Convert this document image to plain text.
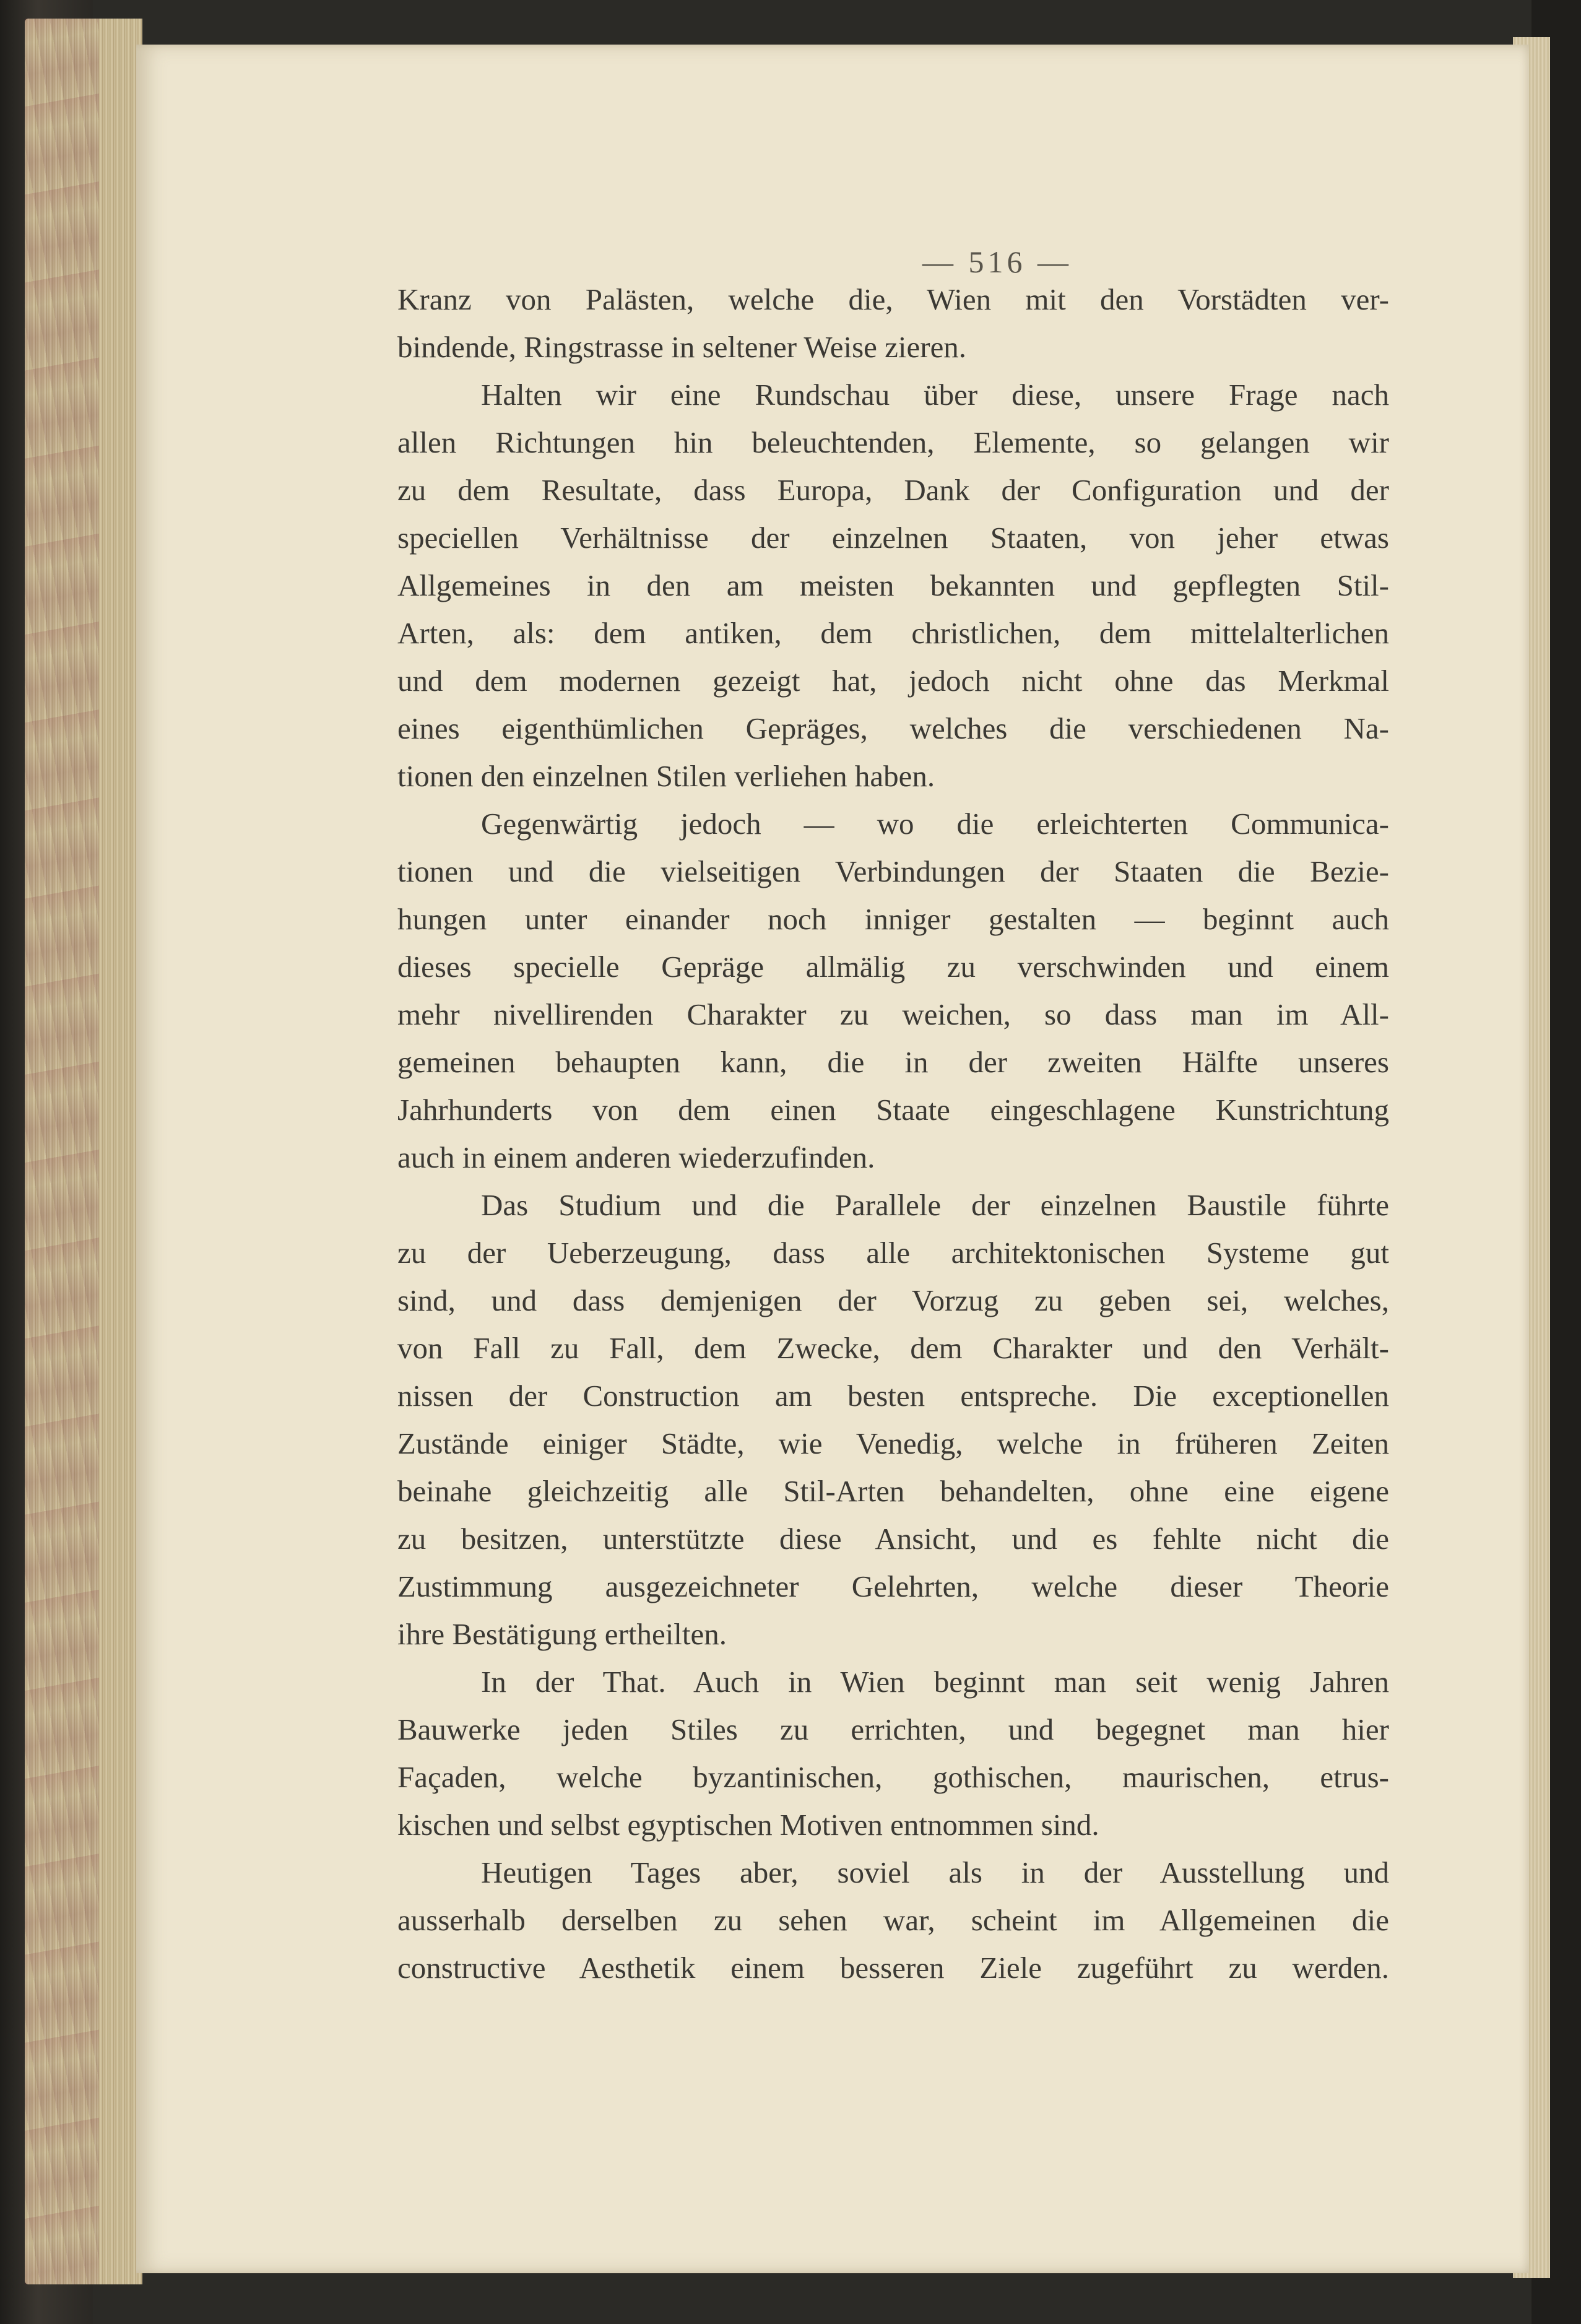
— 516 —

Kranz von Palästen, welche die, Wien mit den Vorstädten ver-
bindende, Ringstrasse in seltener Weise zieren.

Halten wir eine Rundschau über diese, unsere Frage nach
allen Richtungen hin beleuchtenden, Elemente, so gelangen wir
zu dem Resultate, dass Europa, Dank der Configuration und der
speciellen Verhältnisse der einzelnen Staaten, von jeher etwas
Allgemeines in den am meisten bekannten und gepflegten Stil-
Arten, als: dem antiken, dem christlichen, dem mittelalterlichen
und dem modernen gezeigt hat, jedoch nicht ohne das Merkmal
eines eigenthümlichen Gepräges, welches die verschiedenen Na-
tionen den einzelnen Stilen verliehen haben.

Gegenwärtig jedoch — wo die erleichterten Communica-
tionen und die vielseitigen Verbindungen der Staaten die Bezie-
hungen unter einander noch inniger gestalten — beginnt auch
dieses specielle Gepräge allmälig zu verschwinden und einem
mehr nivellirenden Charakter zu weichen, so dass man im All-
gemeinen behaupten kann, die in der zweiten Hälfte unseres
Jahrhunderts von dem einen Staate eingeschlagene Kunstrichtung
auch in einem anderen wiederzufinden.

Das Studium und die Parallele der einzelnen Baustile führte
zu der Ueberzeugung, dass alle architektonischen Systeme gut
sind, und dass demjenigen der Vorzug zu geben sei, welches,
von Fall zu Fall, dem Zwecke, dem Charakter und den Verhält-
nissen der Construction am besten entspreche. Die exceptionellen
Zustände einiger Städte, wie Venedig, welche in früheren Zeiten
beinahe gleichzeitig alle Stil-Arten behandelten, ohne eine eigene
zu besitzen, unterstützte diese Ansicht, und es fehlte nicht die
Zustimmung ausgezeichneter Gelehrten, welche dieser Theorie
ihre Bestätigung ertheilten.

In der That. Auch in Wien beginnt man seit wenig Jahren
Bauwerke jeden Stiles zu errichten, und begegnet man hier
Façaden, welche byzantinischen, gothischen, maurischen, etrus-
kischen und selbst egyptischen Motiven entnommen sind.

Heutigen Tages aber, soviel als in der Ausstellung und
ausserhalb derselben zu sehen war, scheint im Allgemeinen die
constructive Aesthetik einem besseren Ziele zugeführt zu werden.
